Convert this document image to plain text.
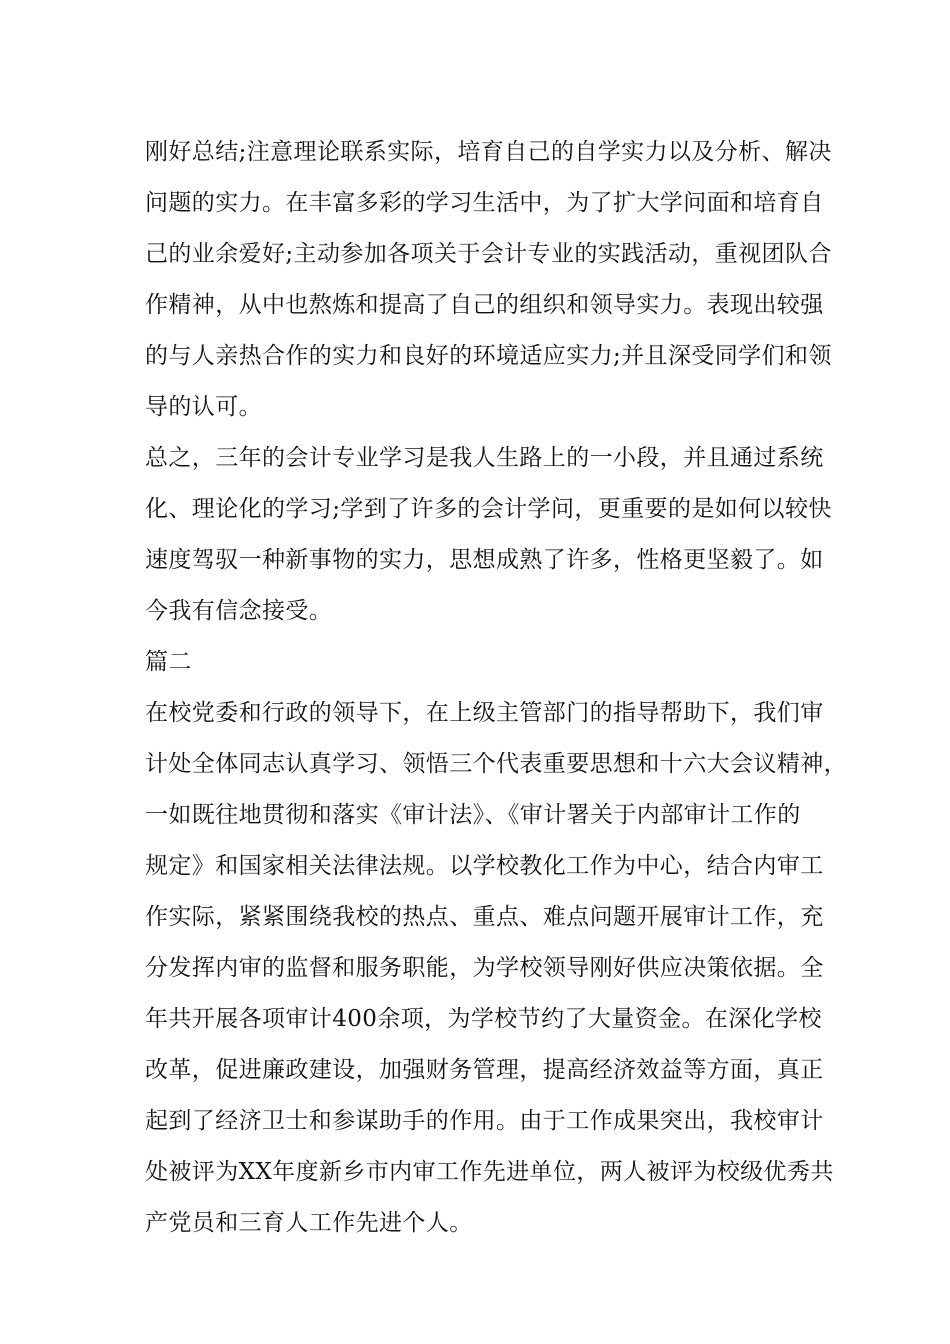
刚好总结;注意理论联系实际，培育自己的自学实力以及分析、解决
问题的实力。在丰富多彩的学习生活中，为了扩大学问面和培育自
己的业余爱好;主动参加各项关于会计专业的实践活动，重视团队合
作精神，从中也熬炼和提高了自己的组织和领导实力。表现出较强
的与人亲热合作的实力和良好的环境适应实力;并且深受同学们和领
导的认可。
总之，三年的会计专业学习是我人生路上的一小段，并且通过系统
化、理论化的学习;学到了许多的会计学问，更重要的是如何以较快
速度驾驭一种新事物的实力，思想成熟了许多，性格更坚毅了。如
今我有信念接受。
篇二
在校党委和行政的领导下，在上级主管部门的指导帮助下，我们审
计处全体同志认真学习、领悟三个代表重要思想和十六大会议精神，
一如既往地贯彻和落实《审计法》、《审计署关于内部审计工作的
规定》和国家相关法律法规。以学校教化工作为中心，结合内审工
作实际，紧紧围绕我校的热点、重点、难点问题开展审计工作，充
分发挥内审的监督和服务职能，为学校领导刚好供应决策依据。全
年共开展各项审计400余项，为学校节约了大量资金。在深化学校
改革，促进廉政建设，加强财务管理，提高经济效益等方面，真正
起到了经济卫士和参谋助手的作用。由于工作成果突出，我校审计
处被评为XX年度新乡市内审工作先进单位，两人被评为校级优秀共
产党员和三育人工作先进个人。
